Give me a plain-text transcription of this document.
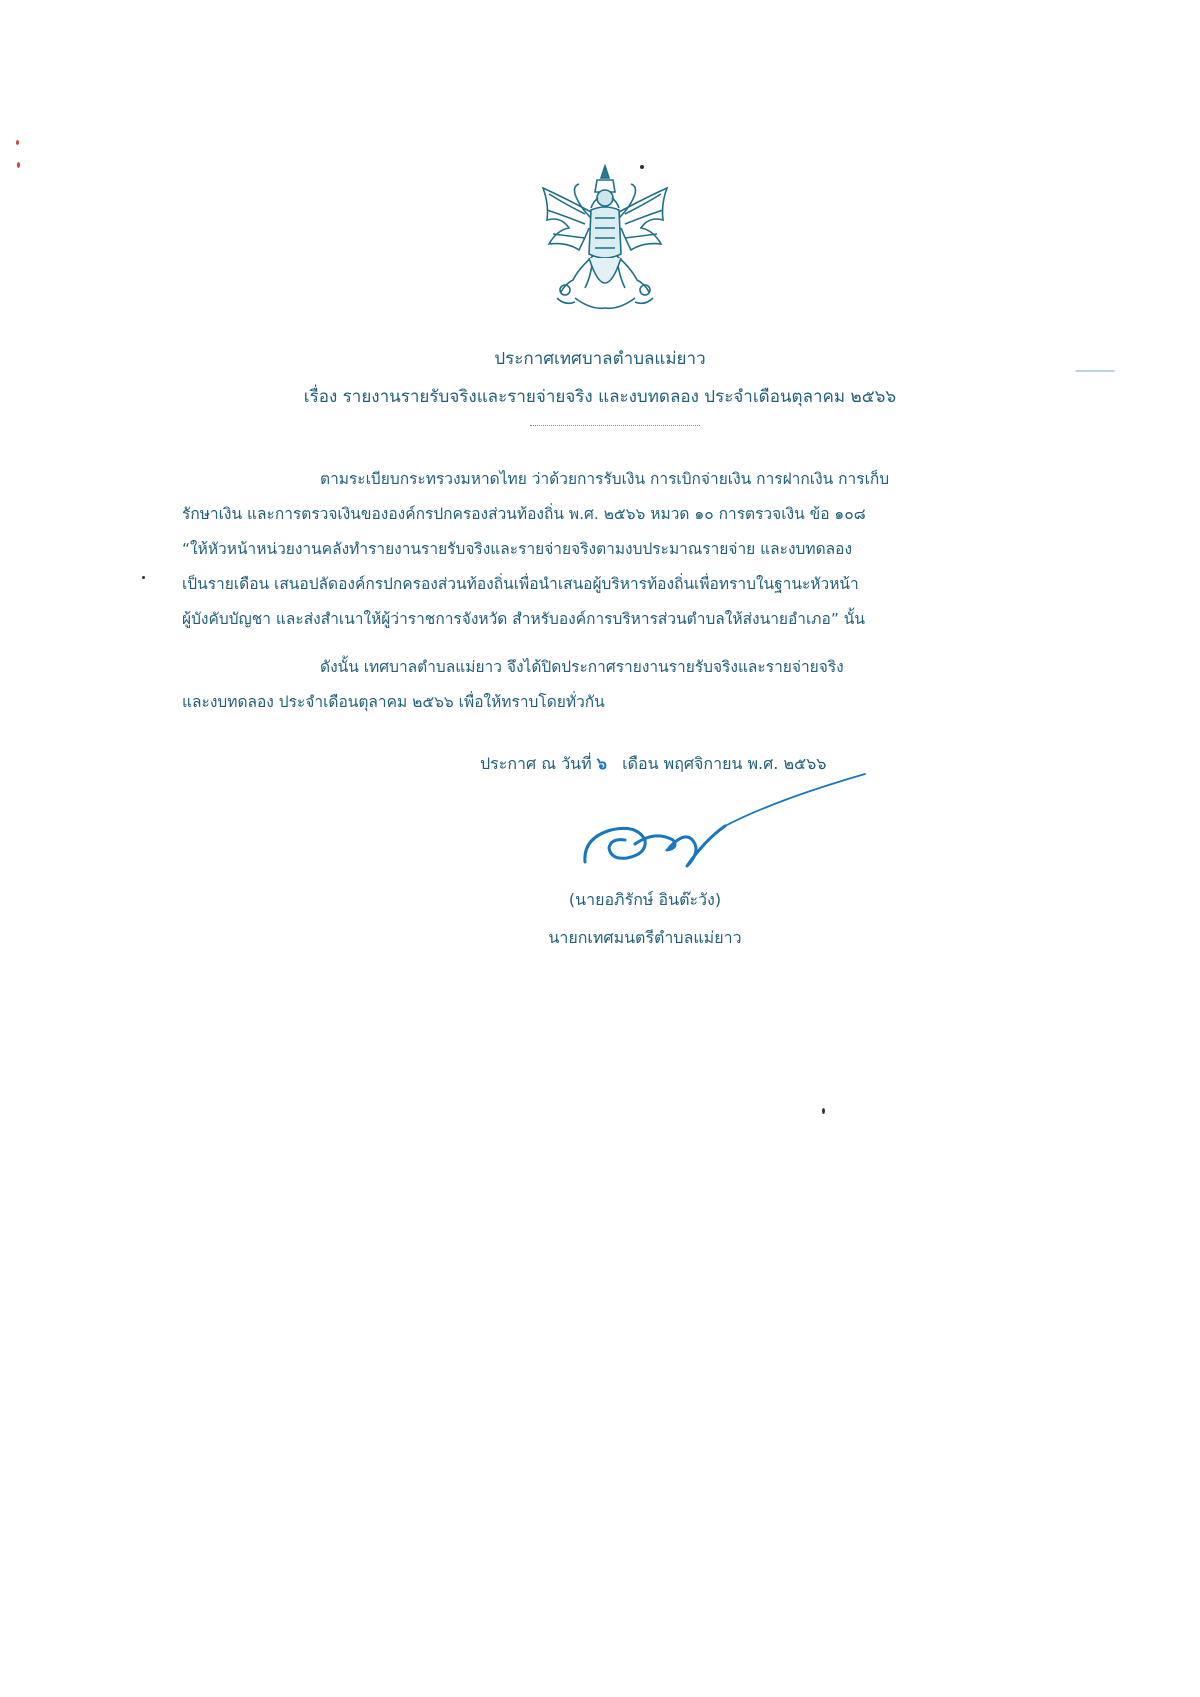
ประกาศเทศบาลตำบลแม่ยาว
เรื่อง รายงานรายรับจริงและรายจ่ายจริง และงบทดลอง ประจำเดือนตุลาคม ๒๕๖๖
ตามระเบียบกระทรวงมหาดไทย ว่าด้วยการรับเงิน การเบิกจ่ายเงิน การฝากเงิน การเก็บ
รักษาเงิน และการตรวจเงินขององค์กรปกครองส่วนท้องถิ่น พ.ศ. ๒๕๖๖ หมวด ๑๐ การตรวจเงิน ข้อ ๑๐๘
“ให้หัวหน้าหน่วยงานคลังทำรายงานรายรับจริงและรายจ่ายจริงตามงบประมาณรายจ่าย และงบทดลอง
เป็นรายเดือน เสนอปลัดองค์กรปกครองส่วนท้องถิ่นเพื่อนำเสนอผู้บริหารท้องถิ่นเพื่อทราบในฐานะหัวหน้า
ผู้บังคับบัญชา และส่งสำเนาให้ผู้ว่าราชการจังหวัด สำหรับองค์การบริหารส่วนตำบลให้ส่งนายอำเภอ” นั้น
ดังนั้น เทศบาลตำบลแม่ยาว จึงได้ปิดประกาศรายงานรายรับจริงและรายจ่ายจริง
และงบทดลอง ประจำเดือนตุลาคม ๒๕๖๖ เพื่อให้ทราบโดยทั่วกัน
ประกาศ ณ วันที่ ๖ เดือน พฤศจิกายน พ.ศ. ๒๕๖๖
(นายอภิรักษ์ อินต๊ะวัง)
นายกเทศมนตรีตำบลแม่ยาว
